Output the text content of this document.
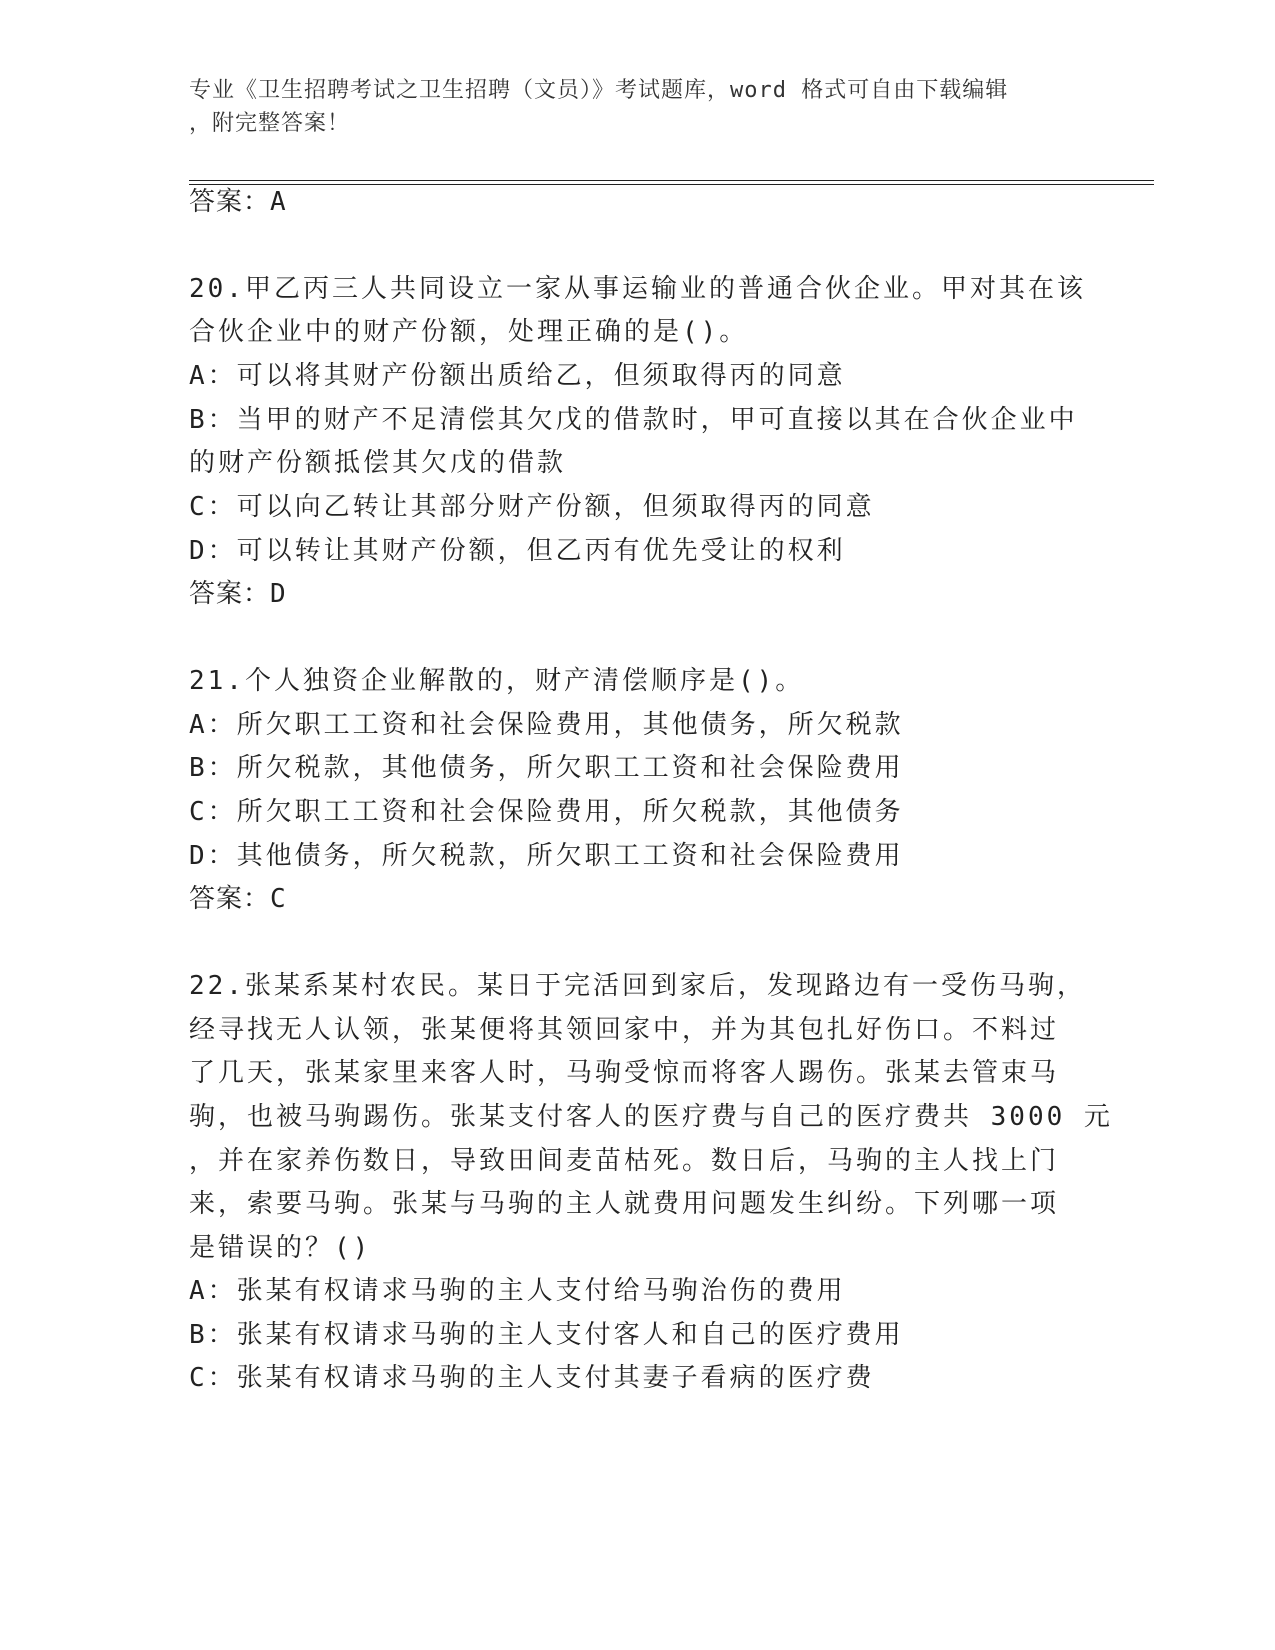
专业《卫生招聘考试之卫生招聘（文员）》考试题库，word 格式可自由下载编辑
，附完整答案！
答案：A
20.甲乙丙三人共同设立一家从事运输业的普通合伙企业。甲对其在该
合伙企业中的财产份额，处理正确的是()。
A：可以将其财产份额出质给乙，但须取得丙的同意
B：当甲的财产不足清偿其欠戊的借款时，甲可直接以其在合伙企业中
的财产份额抵偿其欠戊的借款
C：可以向乙转让其部分财产份额，但须取得丙的同意
D：可以转让其财产份额，但乙丙有优先受让的权利
答案：D
21.个人独资企业解散的，财产清偿顺序是()。
A：所欠职工工资和社会保险费用，其他债务，所欠税款
B：所欠税款，其他债务，所欠职工工资和社会保险费用
C：所欠职工工资和社会保险费用，所欠税款，其他债务
D：其他债务，所欠税款，所欠职工工资和社会保险费用
答案：C
22.张某系某村农民。某日于完活回到家后，发现路边有一受伤马驹，
经寻找无人认领，张某便将其领回家中，并为其包扎好伤口。不料过
了几天，张某家里来客人时，马驹受惊而将客人踢伤。张某去管束马
驹，也被马驹踢伤。张某支付客人的医疗费与自己的医疗费共 3000 元
，并在家养伤数日，导致田间麦苗枯死。数日后，马驹的主人找上门
来，索要马驹。张某与马驹的主人就费用问题发生纠纷。下列哪一项
是错误的？()
A：张某有权请求马驹的主人支付给马驹治伤的费用
B：张某有权请求马驹的主人支付客人和自己的医疗费用
C：张某有权请求马驹的主人支付其妻子看病的医疗费
